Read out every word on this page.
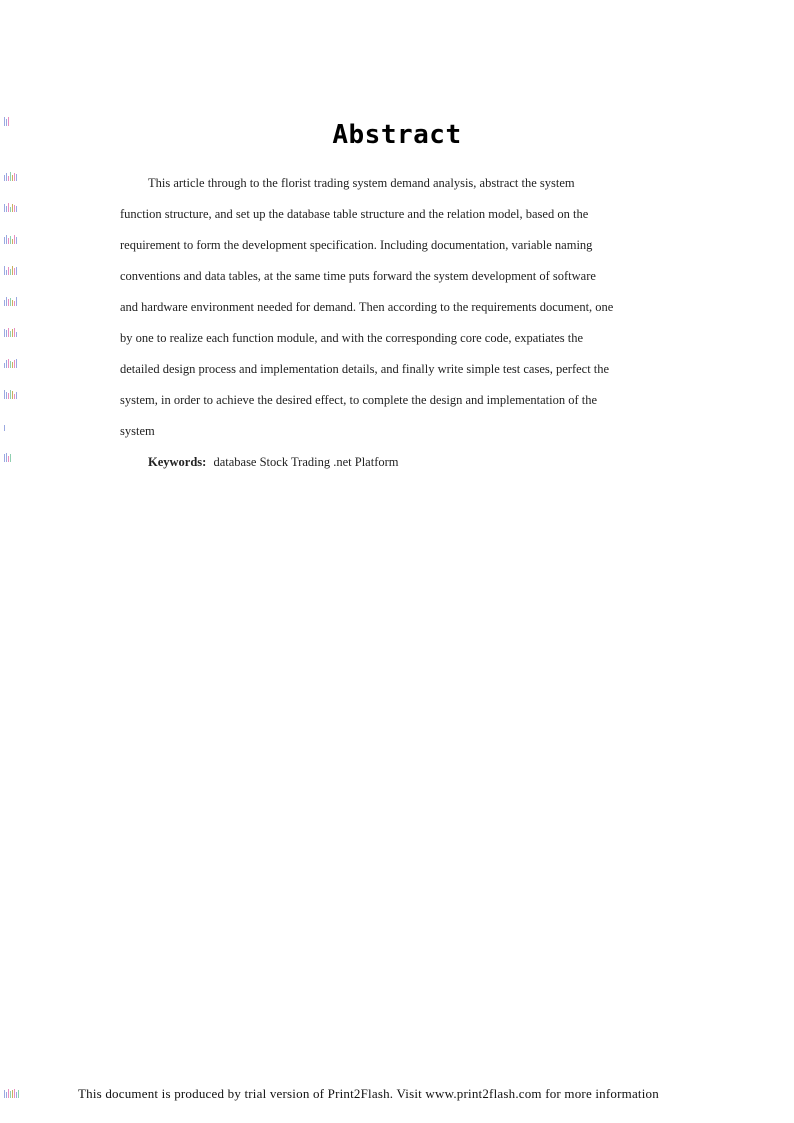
Abstract
This article through to the florist trading system demand analysis, abstract the system
function structure, and set up the database table structure and the relation model, based on the
requirement to form the development specification. Including documentation, variable naming
conventions and data tables, at the same time puts forward the system development of software
and hardware environment needed for demand. Then according to the requirements document, one
by one to realize each function module, and with the corresponding core code, expatiates the
detailed design process and implementation details, and finally write simple test cases, perfect the
system, in order to achieve the desired effect, to complete the design and implementation of the
system
Keywords: database Stock Trading .net Platform
This document is produced by trial version of Print2Flash. Visit www.print2flash.com for more information
